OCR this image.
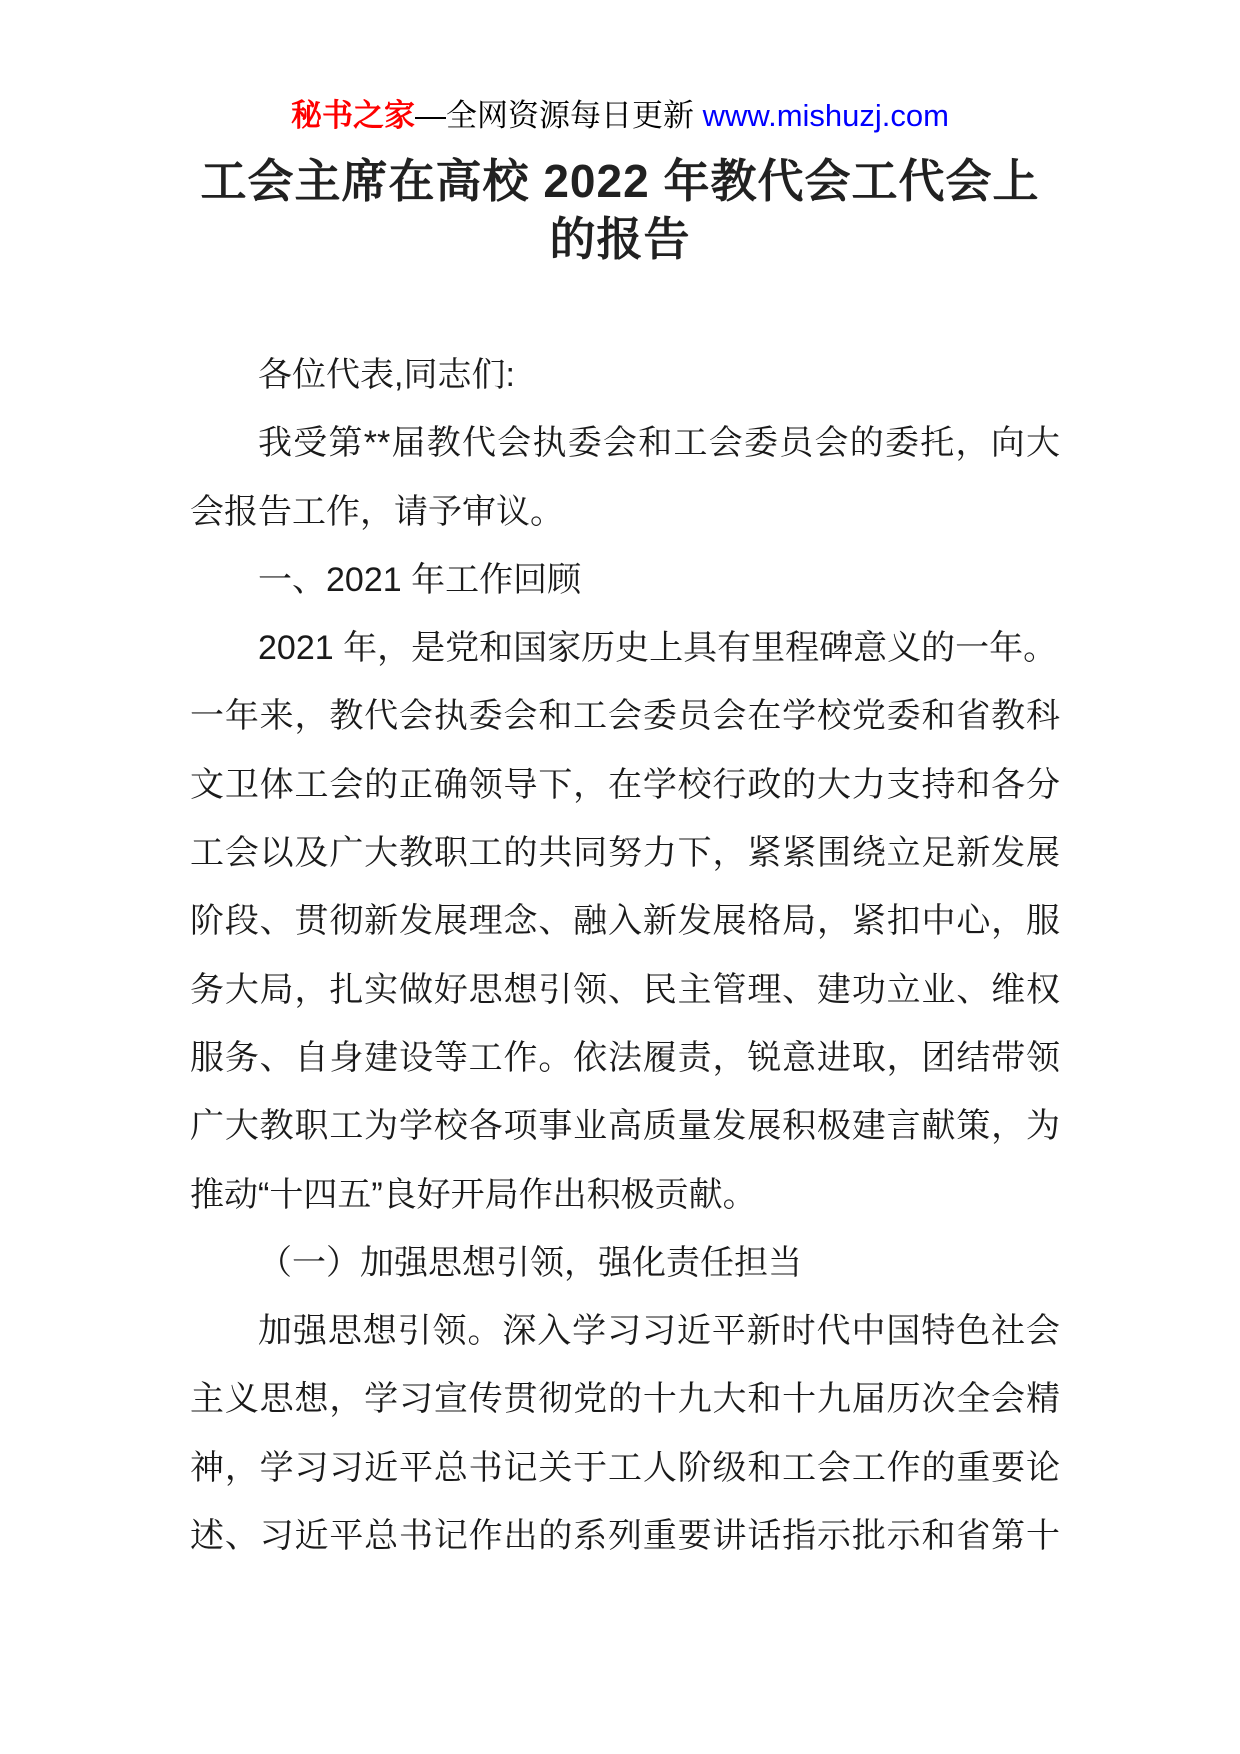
秘书之家—全网资源每日更新 www.mishuzj.com
工会主席在高校 2022 年教代会工代会上
的报告
各位代表,同志们:
我受第**届教代会执委会和工会委员会的委托，向大
会报告工作，请予审议。
一、2021 年工作回顾
2021 年，是党和国家历史上具有里程碑意义的一年。
一年来，教代会执委会和工会委员会在学校党委和省教科
文卫体工会的正确领导下，在学校行政的大力支持和各分
工会以及广大教职工的共同努力下，紧紧围绕立足新发展
阶段、贯彻新发展理念、融入新发展格局，紧扣中心，服
务大局，扎实做好思想引领、民主管理、建功立业、维权
服务、自身建设等工作。依法履责，锐意进取，团结带领
广大教职工为学校各项事业高质量发展积极建言献策，为
推动“十四五”良好开局作出积极贡献。
（一）加强思想引领，强化责任担当
加强思想引领。深入学习习近平新时代中国特色社会
主义思想，学习宣传贯彻党的十九大和十九届历次全会精
神，学习习近平总书记关于工人阶级和工会工作的重要论
述、习近平总书记作出的系列重要讲话指示批示和省第十
